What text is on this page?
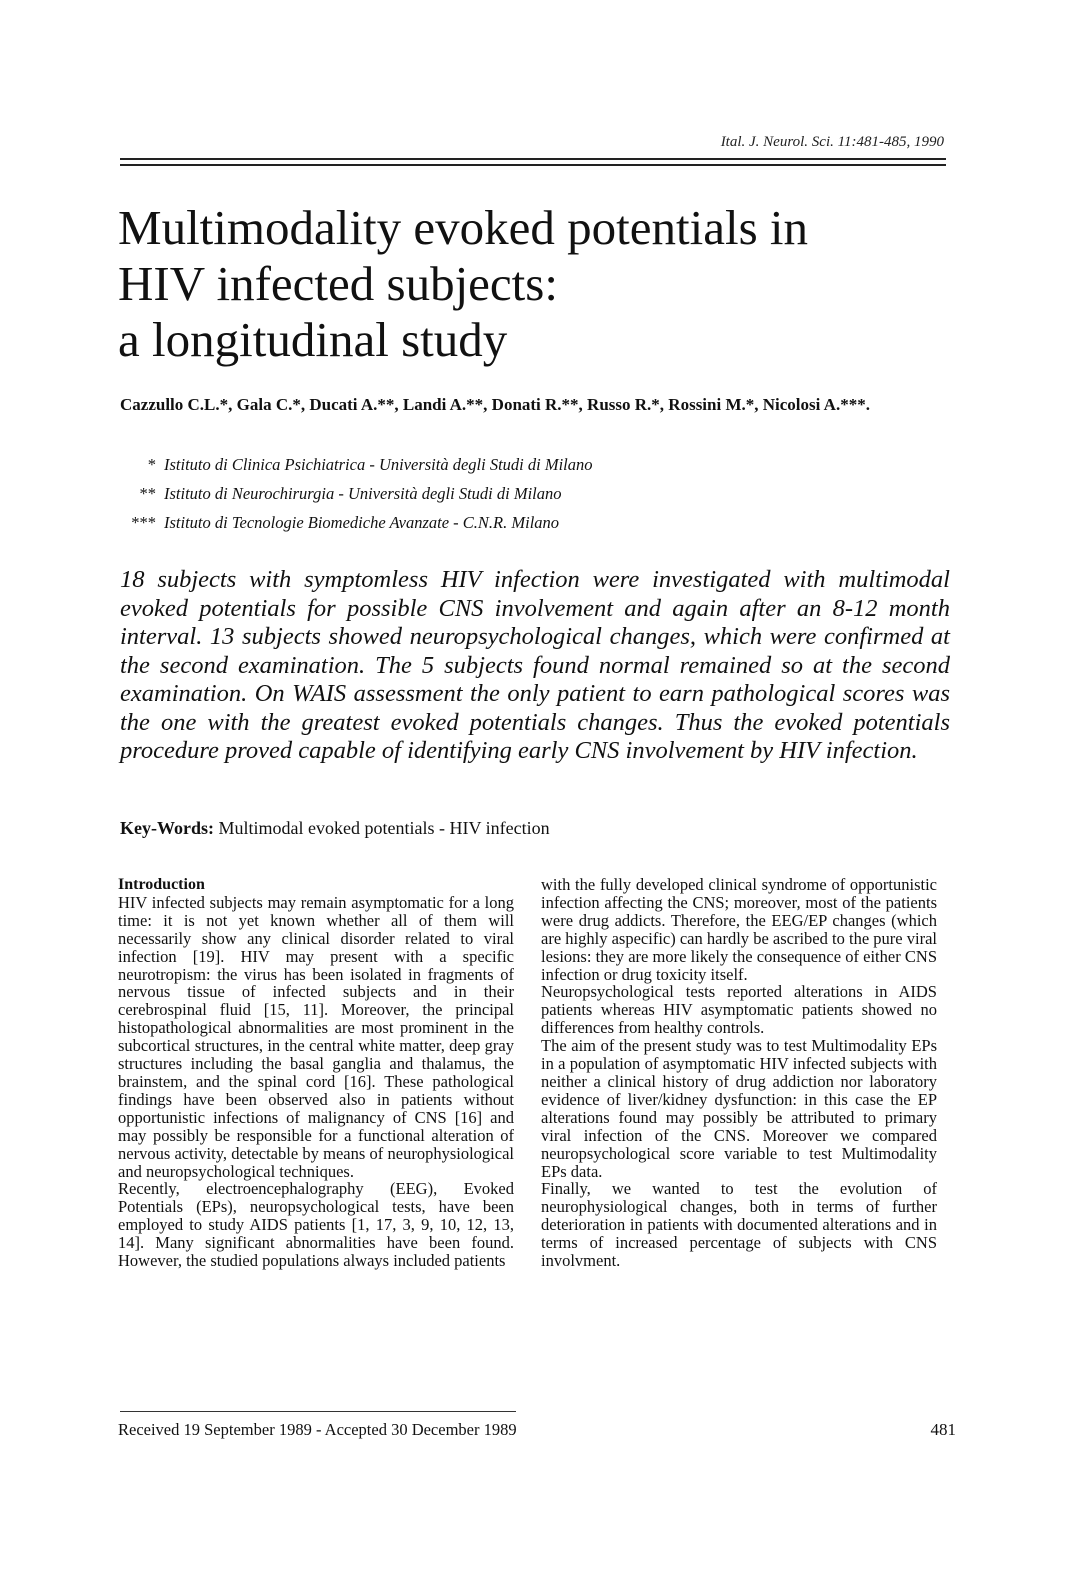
Ital. J. Neurol. Sci. 11:481-485, 1990
Multimodality evoked potentials in
HIV infected subjects:
a longitudinal study
Cazzullo C.L.*, Gala C.*, Ducati A.**, Landi A.**, Donati R.**, Russo R.*, Rossini M.*, Nicolosi A.***.
* Istituto di Clinica Psichiatrica - Università degli Studi di Milano
** Istituto di Neurochirurgia - Università degli Studi di Milano
*** Istituto di Tecnologie Biomediche Avanzate - C.N.R. Milano
18 subjects with symptomless HIV infection were investigated with multimodal evoked potentials for possible CNS involvement and again after an 8-12 month interval. 13 subjects showed neuropsychological changes, which were confirmed at the second examination. The 5 subjects found normal remained so at the second examination. On WAIS assessment the only patient to earn pathological scores was the one with the greatest evoked potentials changes. Thus the evoked potentials procedure proved capable of identifying early CNS involvement by HIV infection.
Key-Words: Multimodal evoked potentials - HIV infection

Introduction

HIV infected subjects may remain asymptomatic for a long time: it is not yet known whether all of them will necessarily show any clinical disorder related to viral infection [19]. HIV may present with a specific neurotropism: the virus has been isolated in fragments of nervous tissue of infected subjects and in their cerebrospinal fluid [15, 11]. Moreover, the principal histopathological abnormalities are most prominent in the subcortical structures, in the central white matter, deep gray structures including the basal ganglia and thalamus, the brainstem, and the spinal cord [16]. These pathological findings have been observed also in patients without opportunistic infections of malignancy of CNS [16] and may possibly be responsible for a functional alteration of nervous activity, detectable by means of neurophysiological and neuropsychological techniques.

Recently, electroencephalography (EEG), Evoked Potentials (EPs), neuropsychological tests, have been employed to study AIDS patients [1, 17, 3, 9, 10, 12, 13, 14]. Many significant abnormalities have been found. However, the studied populations always included patients

with the fully developed clinical syndrome of opportunistic infection affecting the CNS; moreover, most of the patients were drug addicts. Therefore, the EEG/EP changes (which are highly aspecific) can hardly be ascribed to the pure viral lesions: they are more likely the consequence of either CNS infection or drug toxicity itself.

Neuropsychological tests reported alterations in AIDS patients whereas HIV asymptomatic patients showed no differences from healthy controls.

The aim of the present study was to test Multimodality EPs in a population of asymptomatic HIV infected subjects with neither a clinical history of drug addiction nor laboratory evidence of liver/kidney dysfunction: in this case the EP alterations found may possibly be attributed to primary viral infection of the CNS. Moreover we compared neuropsychological score variable to test Multimodality EPs data.

Finally, we wanted to test the evolution of neurophysiological changes, both in terms of further deterioration in patients with documented alterations and in terms of increased percentage of subjects with CNS involvment.

Received 19 September 1989 - Accepted 30 December 1989	481
